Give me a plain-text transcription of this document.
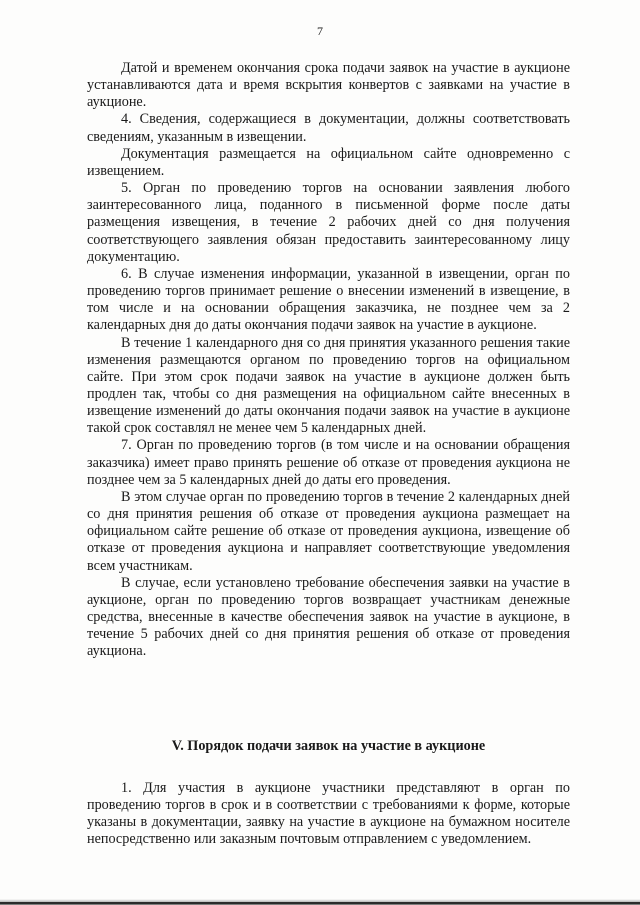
7

Датой и временем окончания срока подачи заявок на участие в аукционе устанавливаются дата и время вскрытия конвертов с заявками на участие в аукционе.

4. Сведения, содержащиеся в документации, должны соответствовать сведениям, указанным в извещении.

Документация размещается на официальном сайте одновременно с извещением.

5. Орган по проведению торгов на основании заявления любого заинтересованного лица, поданного в письменной форме после даты размещения извещения, в течение 2 рабочих дней со дня получения соответствующего заявления обязан предоставить заинтересованному лицу документацию.

6. В случае изменения информации, указанной в извещении, орган по проведению торгов принимает решение о внесении изменений в извещение, в том числе и на основании обращения заказчика, не позднее чем за 2 календарных дня до даты окончания подачи заявок на участие в аукционе.

В течение 1 календарного дня со дня принятия указанного решения такие изменения размещаются органом по проведению торгов на официальном сайте. При этом срок подачи заявок на участие в аукционе должен быть продлен так, чтобы со дня размещения на официальном сайте внесенных в извещение изменений до даты окончания подачи заявок на участие в аукционе такой срок составлял не менее чем 5 календарных дней.

7. Орган по проведению торгов (в том числе и на основании обращения заказчика) имеет право принять решение об отказе от проведения аукциона не позднее чем за 5 календарных дней до даты его проведения.

В этом случае орган по проведению торгов в течение 2 календарных дней со дня принятия решения об отказе от проведения аукциона размещает на официальном сайте решение об отказе от проведения аукциона, извещение об отказе от проведения аукциона и направляет соответствующие уведомления всем участникам.

В случае, если установлено требование обеспечения заявки на участие в аукционе, орган по проведению торгов возвращает участникам денежные средства, внесенные в качестве обеспечения заявок на участие в аукционе, в течение 5 рабочих дней со дня принятия решения об отказе от проведения аукциона.

V. Порядок подачи заявок на участие в аукционе

1. Для участия в аукционе участники представляют в орган по проведению торгов в срок и в соответствии с требованиями к форме, которые указаны в документации, заявку на участие в аукционе на бумажном носителе непосредственно или заказным почтовым отправлением с уведомлением.
